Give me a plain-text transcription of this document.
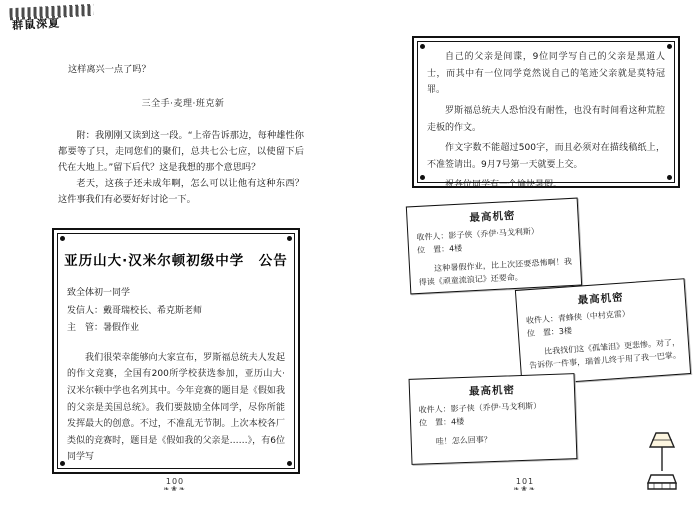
群鼠深夏
这样离兴一点了吗？
三全手·麦理·班克新
附：我刚刚又读到这一段。“上帝告诉那边，每种雄性你都要等了只，走同您们的聚们，总共七公七应，以使留下后代在大地上。”留下后代？这是我想的那个意思吗？
老天，这孩子还未成年啊，怎么可以让他有这种东西？这件事我们有必要好好讨论一下。
亚历山大·汉米尔顿初级中学　公告
致全体初一同学
发信人：戴哥瑞校长、希克斯老师
主　管：暑假作业
我们很荣幸能够向大家宣布，罗斯福总统夫人发起的作文竞赛，全国有200所学校获选参加，亚历山大·汉米尔顿中学也名列其中。今年竞赛的题目是《假如我的父亲是美国总统》。我们要鼓励全体同学，尽你所能发挥最大的创意。不过，不准乱无节制。上次本校各厂类似的竞赛时，题目是《假如我的父亲是……》，有6位同学写
100
❧❀❧

自己的父亲是间谍，9位同学写自己的父亲是黑道人士，而其中有一位同学竟然说自己的笔迹父亲就是莫特冠罪。

罗斯福总统夫人恐怕没有耐性，也没有时间看这种荒腔走板的作文。

作文字数不能超过500字，而且必须对在描线稿纸上，不准签请出。9月7号第一天就要上交。

祝各位同学有一个愉快暑假。

最高机密
收件人：影子侠（乔伊·马戈利斯）
位　置：4楼
这种暑假作业，比上次还要恐怖啊！我得读《顽童流浪记》还要命。
最高机密
收件人：青蜂侠（中村克雷）
位　置：3楼
比我找们这《孤雏泪》更悲惨。对了，告诉你一件事，瑞普儿终于用了我一巴掌。
最高机密
收件人：影子侠（乔伊·马戈利斯）
位　置：4楼
哇！怎么回事？
101
❧❀❧
